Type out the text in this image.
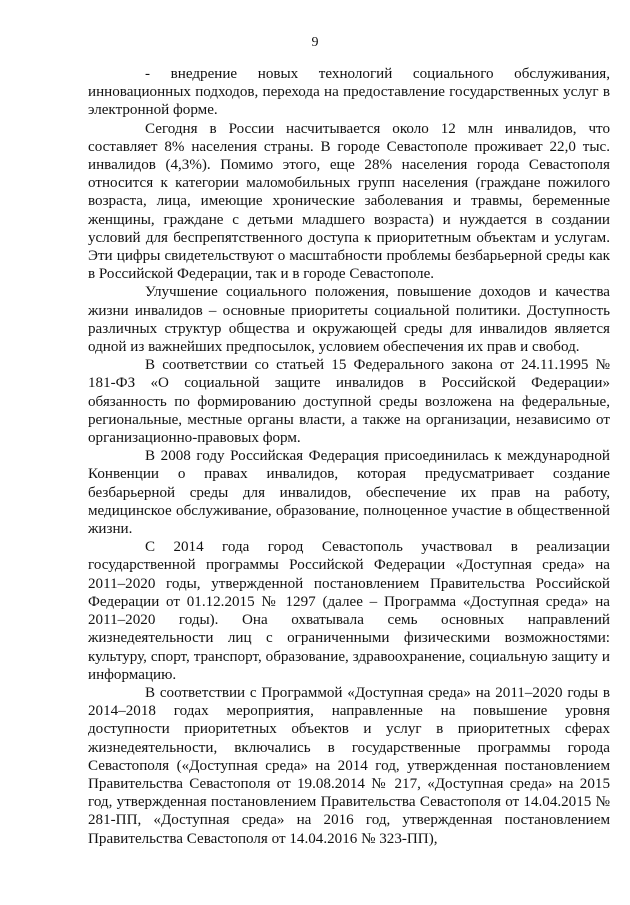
9

- внедрение новых технологий социального обслуживания, инновационных подходов, перехода на предоставление государственных услуг в электронной форме.

Сегодня в России насчитывается около 12 млн инвалидов, что составляет 8% населения страны. В городе Севастополе проживает 22,0 тыс. инвалидов (4,3%). Помимо этого, еще 28% населения города Севастополя относится к категории маломобильных групп населения (граждане пожилого возраста, лица, имеющие хронические заболевания и травмы, беременные женщины, граждане с детьми младшего возраста) и нуждается в создании условий для беспрепятственного доступа к приоритетным объектам и услугам. Эти цифры свидетельствуют о масштабности проблемы безбарьерной среды как в Российской Федерации, так и в городе Севастополе.

Улучшение социального положения, повышение доходов и качества жизни инвалидов – основные приоритеты социальной политики. Доступность различных структур общества и окружающей среды для инвалидов является одной из важнейших предпосылок, условием обеспечения их прав и свобод.

В соответствии со статьей 15 Федерального закона от 24.11.1995 № 181-ФЗ «О социальной защите инвалидов в Российской Федерации» обязанность по формированию доступной среды возложена на федеральные, региональные, местные органы власти, а также на организации, независимо от организационно-правовых форм.

В 2008 году Российская Федерация присоединилась к международной Конвенции о правах инвалидов, которая предусматривает создание безбарьерной среды для инвалидов, обеспечение их прав на работу, медицинское обслуживание, образование, полноценное участие в общественной жизни.

С 2014 года город Севастополь участвовал в реализации государственной программы Российской Федерации «Доступная среда» на 2011–2020 годы, утвержденной постановлением Правительства Российской Федерации от 01.12.2015 № 1297 (далее – Программа «Доступная среда» на 2011–2020 годы). Она охватывала семь основных направлений жизнедеятельности лиц с ограниченными физическими возможностями: культуру, спорт, транспорт, образование, здравоохранение, социальную защиту и информацию.

В соответствии с Программой «Доступная среда» на 2011–2020 годы в 2014–2018 годах мероприятия, направленные на повышение уровня доступности приоритетных объектов и услуг в приоритетных сферах жизнедеятельности, включались в государственные программы города Севастополя («Доступная среда» на 2014 год, утвержденная постановлением Правительства Севастополя от 19.08.2014 № 217, «Доступная среда» на 2015 год, утвержденная постановлением Правительства Севастополя от 14.04.2015 № 281-ПП, «Доступная среда» на 2016 год, утвержденная постановлением Правительства Севастополя от 14.04.2016 № 323-ПП),
